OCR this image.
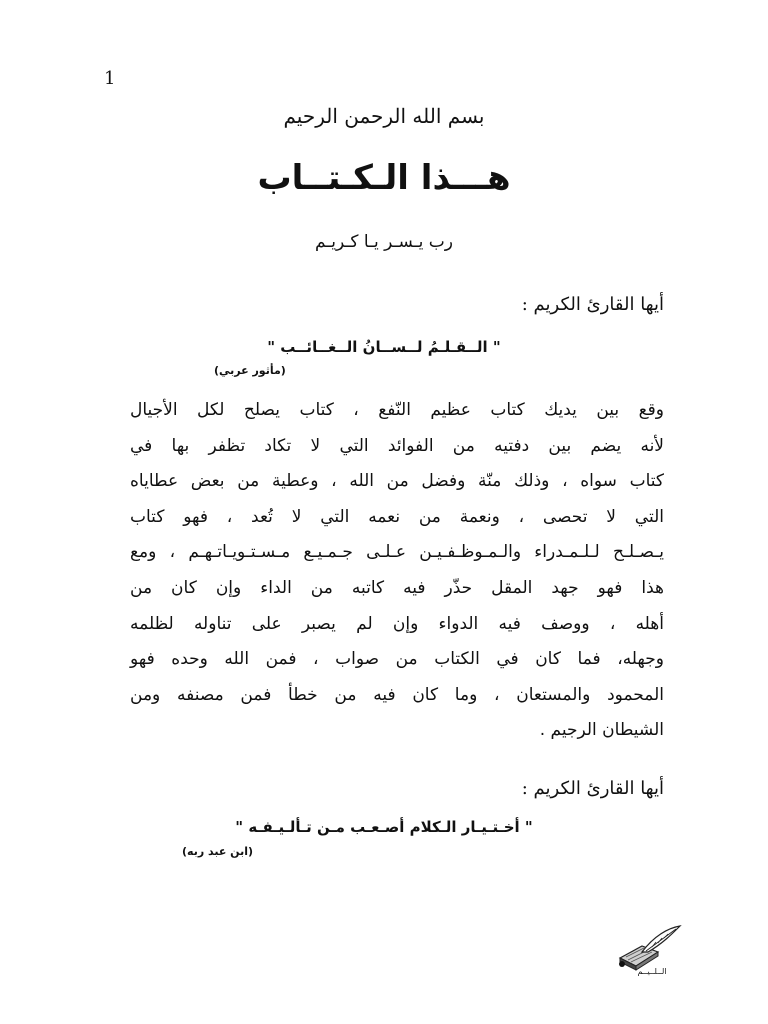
1
بسم الله الرحمن الرحيم
هـــذا الـكـتــاب
رب يـسـر يـا كـريـم
أيها القارئ الكريم :
" الــقـلـمُ لــســانُ الــغــائــب "
(مأثور عربي)
وقع بين يديك كتاب عظيم النّفع ، كتاب يصلح لكل الأجيال
لأنه يضم بين دفتيه من الفوائد التي لا تكاد تظفر بها في
كتاب سواه ، وذلك منّة وفضل من الله ، وعطية من بعض عطاياه
التي لا تحصى ، ونعمة من نعمه التي لا تُعد ، فهو كتاب
يـصـلـح لـلـمـدراء والـمـوظـفـيـن عـلـى جـمـيـع مـسـتـويـاتـهـم ، ومع
هذا فهو جهد المقل حذّر فيه كاتبه من الداء وإن كان من
أهله ، ووصف فيه الدواء وإن لم يصبر على تناوله لظلمه
وجهله، فما كان في الكتاب من صواب ، فمن الله وحده فهو
المحمود والمستعان ، وما كان فيه من خطأ فمن مصنفه ومن
الشيطان الرجيم .
أيها القارئ الكريم :
" أخـتـيـار الـكلام أصـعـب مـن تـألـيـفـه "
(ابن عبد ربه)
الــلــيــم
